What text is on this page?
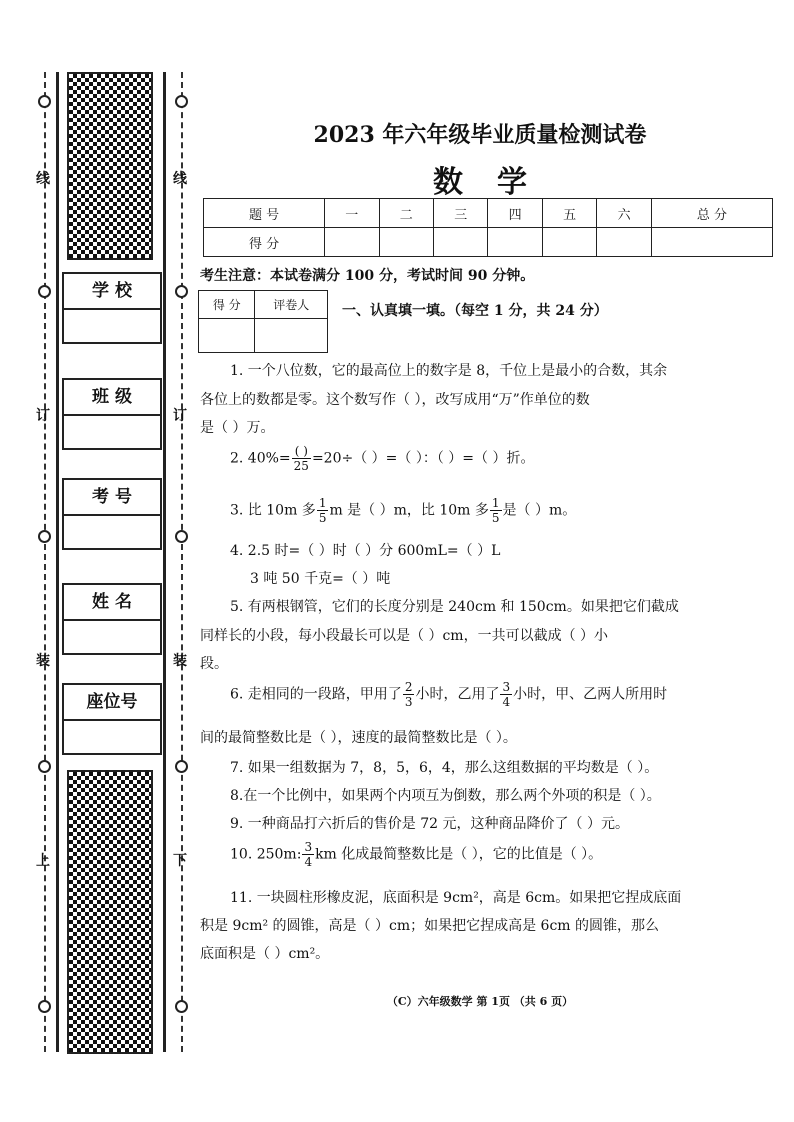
线	线
订	订
装	装
上	下
学 校
班 级
考 号
姓 名
座位号
2023 年六年级毕业质量检测试卷
数学
题 号	一	二	三	四	五	六	总 分
得 分							
考生注意：本试卷满分 100 分，考试时间 90 分钟。
得 分	评卷人
	一、认真填一填。（每空 1 分，共 24 分）
1. 一个八位数，它的最高位上的数字是 8，千位上是最小的合数，其余
各位上的数都是零。这个数写作（ ），改写成用“万”作单位的数
是（ ）万。
2. $40\%= \frac{( )}{25} =20\div$（ ）=（ ）：（ ）=（ ）折。
3. 比 10m 多 $\frac{1}{5}$ m 是（ ）m，比 10m 多 $\frac{1}{5}$ 是（ ）m。
4. 2.5 时=（ ）时（ ）分 600mL=（ ）L
3 吨 50 千克=（ ）吨
5. 有两根钢管，它们的长度分别是 240cm 和 150cm。如果把它们截成
同样长的小段，每小段最长可以是（ ）cm，一共可以截成（ ）小
段。
6. 走相同的一段路，甲用了 $\frac{2}{3}$ 小时，乙用了 $\frac{3}{4}$ 小时，甲、乙两人所用时
间的最简整数比是（ ），速度的最简整数比是（ ）。
7. 如果一组数据为 7，8，5，6，4，那么这组数据的平均数是（ ）。
8.在一个比例中，如果两个内项互为倒数，那么两个外项的积是（ ）。
9. 一种商品打六折后的售价是 72 元，这种商品降价了（ ）元。
10. 250m: $\frac{3}{4}$ km 化成最简整数比是（ ），它的比值是（ ）。
11. 一块圆柱形橡皮泥，底面积是 9cm²，高是 6cm。如果把它捏成底面
积是 9cm² 的圆锥，高是（ ）cm；如果把它捏成高是 6cm 的圆锥，那么
底面积是（ ）cm²。
（C）六年级数学 第 1页 （共 6 页）
